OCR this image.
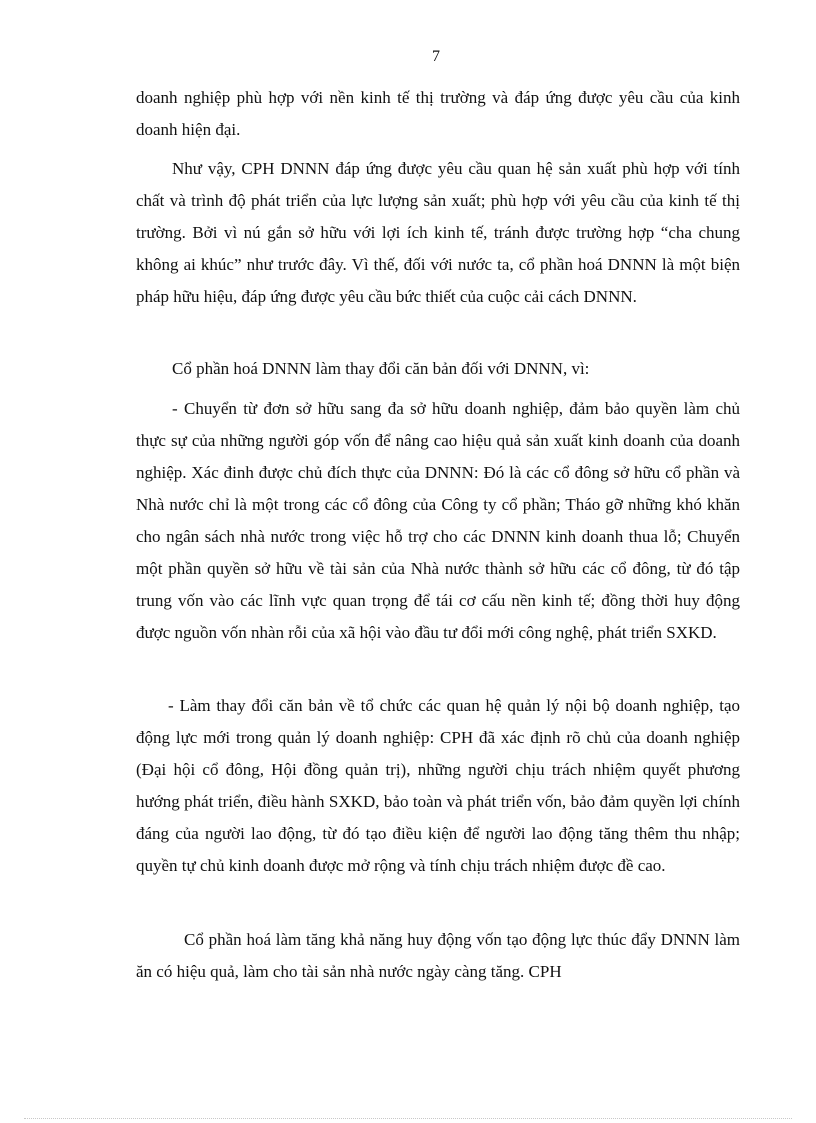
7

doanh nghiệp phù hợp với nền kinh tế thị trường và đáp ứng được yêu cầu của kinh doanh hiện đại.

Như vậy, CPH DNNN đáp ứng được yêu cầu quan hệ sản xuất phù hợp với tính chất và trình độ phát triển của lực lượng sản xuất; phù hợp với yêu cầu của kinh tế thị trường. Bởi vì nú gắn sở hữu với lợi ích kinh tế, tránh được trường hợp “cha chung không ai khúc” như trước đây. Vì thế, đối với nước ta, cổ phần hoá DNNN là một biện pháp hữu hiệu, đáp ứng được yêu cầu bức thiết của cuộc cải cách DNNN.

Cổ phần hoá DNNN làm thay đổi căn bản đối với DNNN, vì:

- Chuyển từ đơn sở hữu sang đa sở hữu doanh nghiệp, đảm bảo quyền làm chủ thực sự của những người góp vốn để nâng cao hiệu quả sản xuất kinh doanh của doanh nghiệp. Xác đinh được chủ đích thực của DNNN: Đó là các cổ đông sở hữu cổ phần và Nhà nước chỉ là một trong các cổ đông của Công ty cổ phần; Tháo gỡ những khó khăn cho ngân sách nhà nước trong việc hỗ trợ cho các DNNN kinh doanh thua lỗ; Chuyển một phần quyền sở hữu về tài sản của Nhà nước thành sở hữu các cổ đông, từ đó tập trung vốn vào các lĩnh vực quan trọng để tái cơ cấu nền kinh tế; đồng thời huy động được nguồn vốn nhàn rỗi của xã hội vào đầu tư đổi mới công nghệ, phát triển SXKD.

- Làm thay đổi căn bản về tổ chức các quan hệ quản lý nội bộ doanh nghiệp, tạo động lực mới trong quản lý doanh nghiệp: CPH đã xác định rõ chủ của doanh nghiệp (Đại hội cổ đông, Hội đồng quản trị), những người chịu trách nhiệm quyết phương hướng phát triển, điều hành SXKD, bảo toàn và phát triển vốn, bảo đảm quyền lợi chính đáng của người lao động, từ đó tạo điều kiện để người lao động tăng thêm thu nhập; quyền tự chủ kinh doanh được mở rộng và tính chịu trách nhiệm được đề cao.

Cổ phần hoá làm tăng khả năng huy động vốn tạo động lực thúc đẩy DNNN làm ăn có hiệu quả, làm cho tài sản nhà nước ngày càng tăng. CPH
